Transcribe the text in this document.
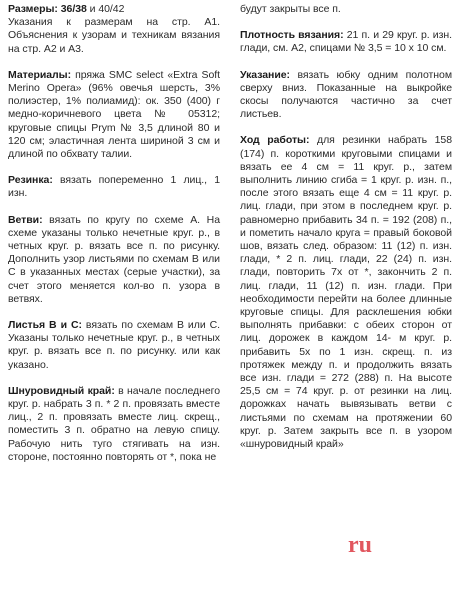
Размеры: 36/38 и 40/42

Указания к размерам на стр. А1. Объяснения к узорам и техникам вязания на стр. А2 и А3.

Материалы: пряжа SMC select «Extra Soft Merino Opera» (96% овечья шерсть, 3% полиэстер, 1% полиамид): ок. 350 (400) г медно-коричневого цвета № 05312; круговые спицы Prym № 3,5 длиной 80 и 120 см; эластичная лента шириной 3 см и длиной по обхвату талии.

Резинка: вязать попеременно 1 лиц., 1 изн.

Ветви: вязать по кругу по схеме А. На схеме указаны только нечетные круг. р., в четных круг. р. вязать все п. по рисунку. Дополнить узор листьями по схемам В или С в указанных местах (серые участки), за счет этого меняется кол-во п. узора в ветвях.

Листья В и С: вязать по схемам В или С. Указаны только нечетные круг. р., в четных круг. р. вязать все п. по рисунку. или как указано.

Шнуровидный край: в начале последнего круг. р. набрать 3 п. * 2 п. провязать вместе лиц., 2 п. провязать вместе лиц. скрещ., поместить 3 п. обратно на левую спицу. Рабочую нить туго стягивать на изн. стороне, постоянно повторять от *, пока не

будут закрыты все п.

Плотность вязания: 21 п. и 29 круг. р. изн. глади, см. А2, спицами № 3,5 = 10 х 10 см.

Указание: вязать юбку одним полотном сверху вниз. Показанные на выкройке скосы получаются частично за счет листьев.

Ход работы: для резинки набрать 158 (174) п. короткими круговыми спицами и вязать ее 4 см = 11 круг. р., затем выполнить линию сгиба = 1 круг. р. изн. п., после этого вязать еще 4 см = 11 круг. р. лиц. глади, при этом в последнем круг. р. равномерно прибавить 34 п. = 192 (208) п., и пометить начало круга = правый боковой шов, вязать след. образом: 11 (12) п. изн. глади, * 2 п. лиц. глади, 22 (24) п. изн. глади, повторить 7х от *, закончить 2 п. лиц. глади, 11 (12) п. изн. глади. При необходимости перейти на более длинные круговые спицы. Для расклешения юбки выполнять прибавки: с обеих сторон от лиц. дорожек в каждом 14- м круг. р. прибавить 5х по 1 изн. скрещ. п. из протяжек между п. и продолжить вязать все изн. глади = 272 (288) п. На высоте 25,5 см = 74 круг. р. от резинки на лиц. дорожках начать вывязывать ветви с листьями по схемам на протяжении 60 круг. р. Затем закрыть все п. в узором «шнуровидный край»

ru
